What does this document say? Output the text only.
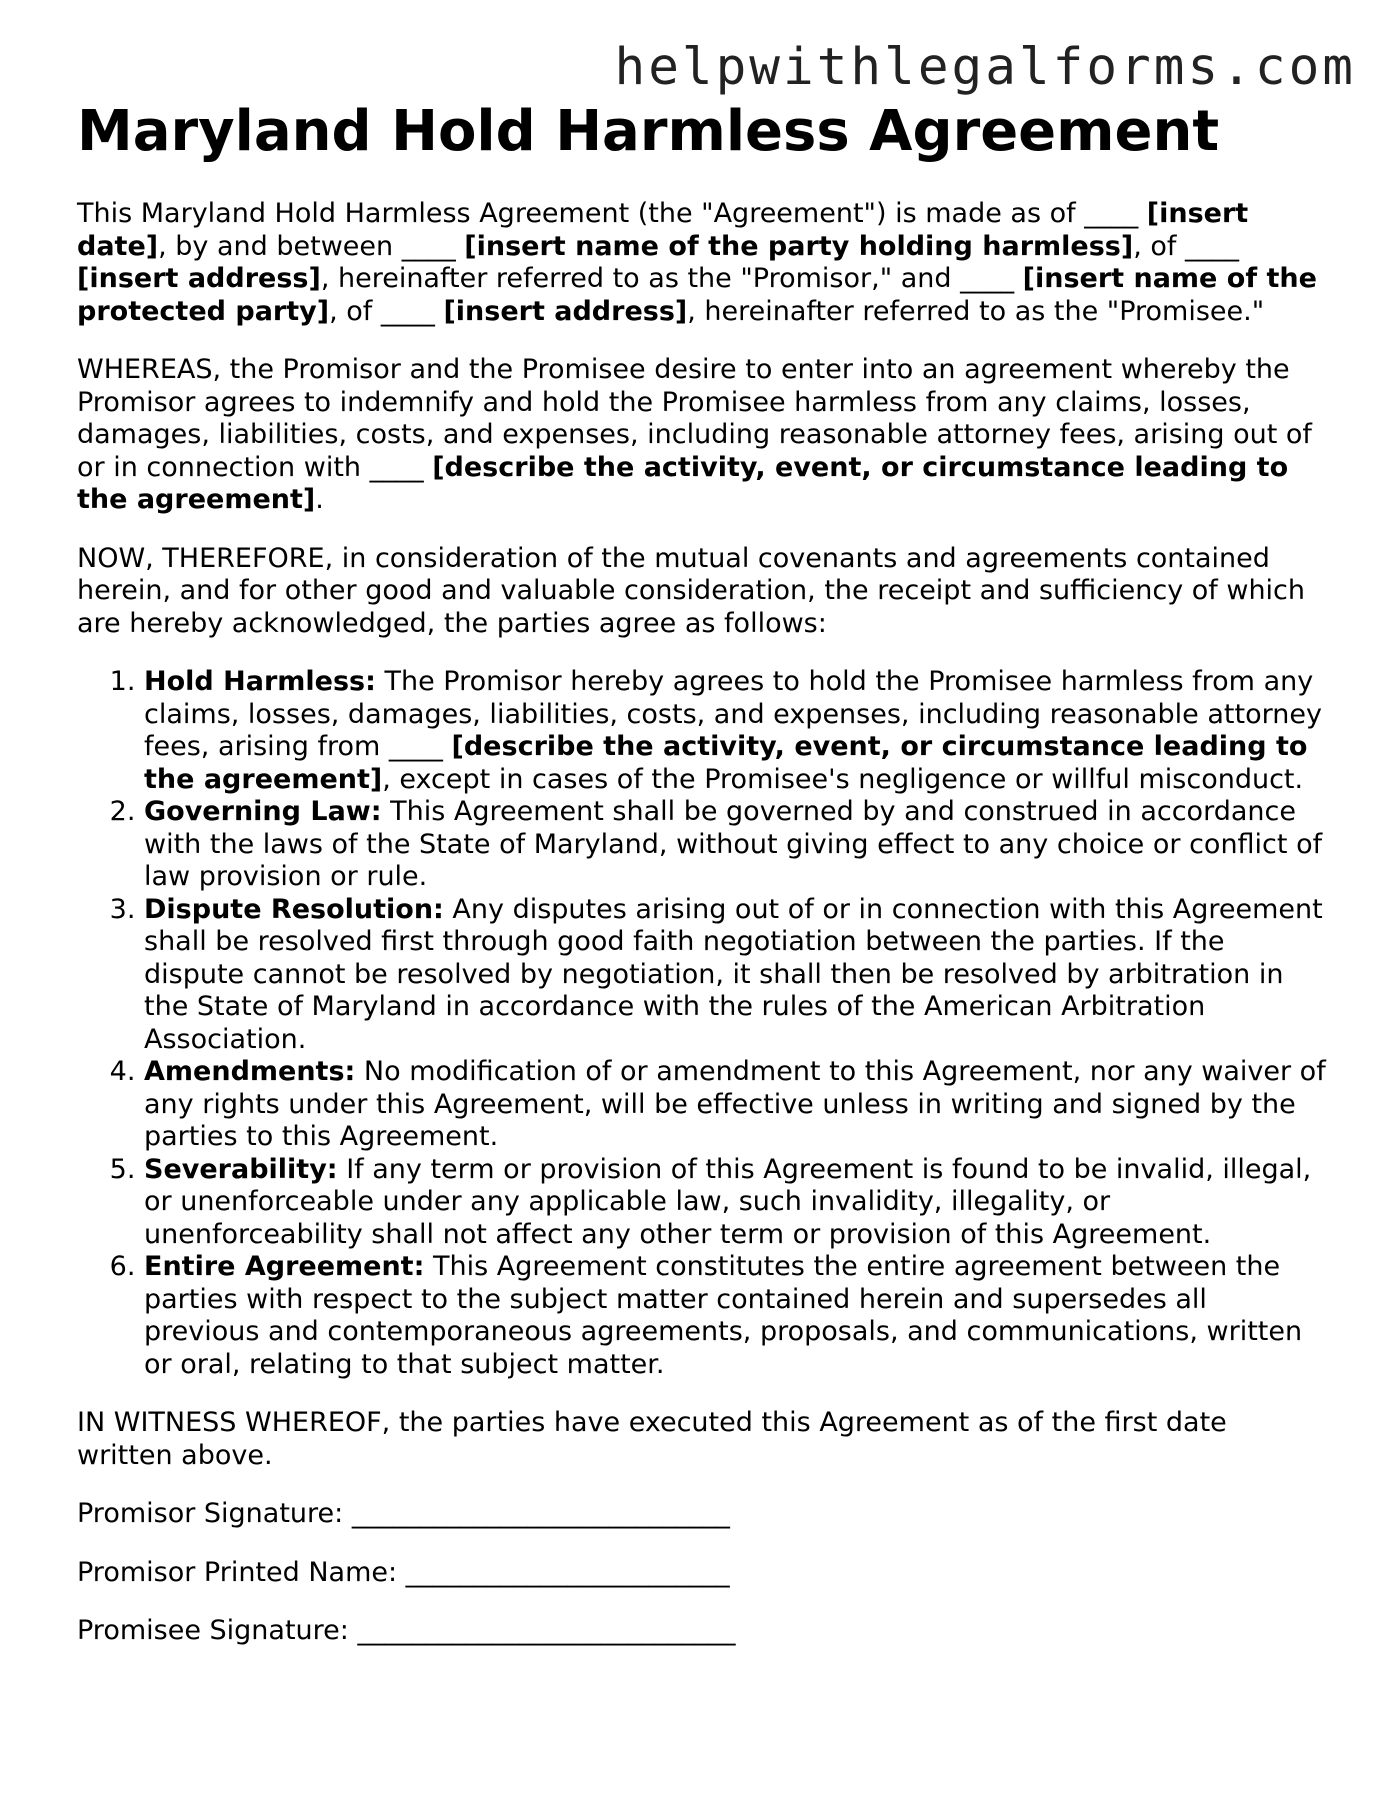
helpwithlegalforms.com
Maryland Hold Harmless Agreement

This Maryland Hold Harmless Agreement (the "Agreement") is made as of ____ [insert date], by and between ____ [insert name of the party holding harmless], of ____ [insert address], hereinafter referred to as the "Promisor," and ____ [insert name of the protected party], of ____ [insert address], hereinafter referred to as the "Promisee."

WHEREAS, the Promisor and the Promisee desire to enter into an agreement whereby the Promisor agrees to indemnify and hold the Promisee harmless from any claims, losses, damages, liabilities, costs, and expenses, including reasonable attorney fees, arising out of or in connection with ____ [describe the activity, event, or circumstance leading to the agreement].

NOW, THEREFORE, in consideration of the mutual covenants and agreements contained herein, and for other good and valuable consideration, the receipt and sufficiency of which are hereby acknowledged, the parties agree as follows:

1. Hold Harmless: The Promisor hereby agrees to hold the Promisee harmless from any claims, losses, damages, liabilities, costs, and expenses, including reasonable attorney fees, arising from ____ [describe the activity, event, or circumstance leading to the agreement], except in cases of the Promisee's negligence or willful misconduct.
2. Governing Law: This Agreement shall be governed by and construed in accordance with the laws of the State of Maryland, without giving effect to any choice or conflict of law provision or rule.
3. Dispute Resolution: Any disputes arising out of or in connection with this Agreement shall be resolved first through good faith negotiation between the parties. If the dispute cannot be resolved by negotiation, it shall then be resolved by arbitration in the State of Maryland in accordance with the rules of the American Arbitration Association.
4. Amendments: No modification of or amendment to this Agreement, nor any waiver of any rights under this Agreement, will be effective unless in writing and signed by the parties to this Agreement.
5. Severability: If any term or provision of this Agreement is found to be invalid, illegal, or unenforceable under any applicable law, such invalidity, illegality, or unenforceability shall not affect any other term or provision of this Agreement.
6. Entire Agreement: This Agreement constitutes the entire agreement between the parties with respect to the subject matter contained herein and supersedes all previous and contemporaneous agreements, proposals, and communications, written or oral, relating to that subject matter.

IN WITNESS WHEREOF, the parties have executed this Agreement as of the first date written above.

Promisor Signature: ____________________________

Promisor Printed Name: ________________________

Promisee Signature: ____________________________
